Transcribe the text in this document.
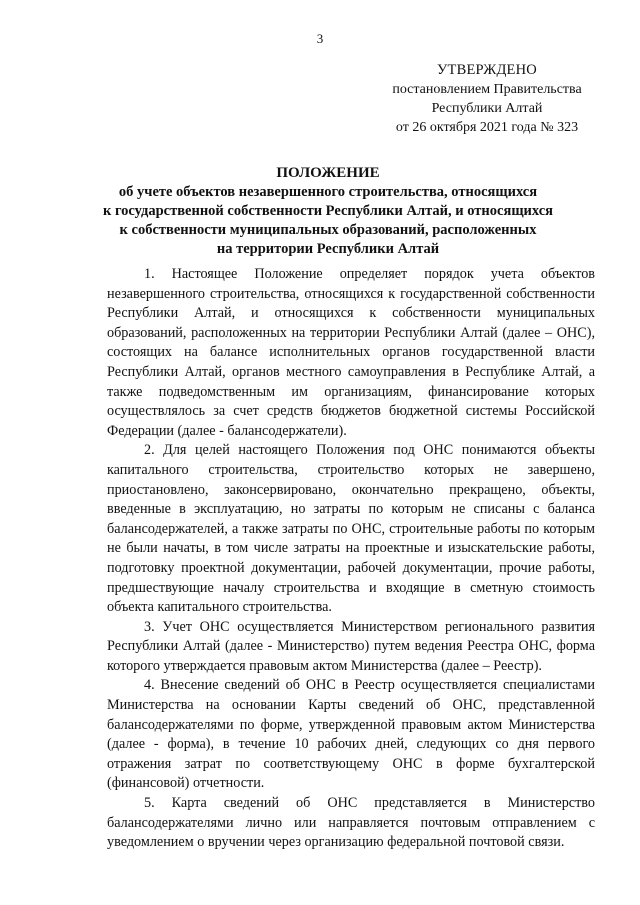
3
УТВЕРЖДЕНО
постановлением Правительства
Республики Алтай
от 26 октября 2021 года № 323
ПОЛОЖЕНИЕ
об учете объектов незавершенного строительства, относящихся
к государственной собственности Республики Алтай, и относящихся
к собственности муниципальных образований, расположенных
на территории Республики Алтай

1. Настоящее Положение определяет порядок учета объектов незавершенного строительства, относящихся к государственной собственности Республики Алтай, и относящихся к собственности муниципальных образований, расположенных на территории Республики Алтай (далее – ОНС), состоящих на балансе исполнительных органов государственной власти Республики Алтай, органов местного самоуправления в Республике Алтай, а также подведомственным им организациям, финансирование которых осуществлялось за счет средств бюджетов бюджетной системы Российской Федерации (далее - балансодержатели).

2. Для целей настоящего Положения под ОНС понимаются объекты капитального строительства, строительство которых не завершено, приостановлено, законсервировано, окончательно прекращено, объекты, введенные в эксплуатацию, но затраты по которым не списаны с баланса балансодержателей, а также затраты по ОНС, строительные работы по которым не были начаты, в том числе затраты на проектные и изыскательские работы, подготовку проектной документации, рабочей документации, прочие работы, предшествующие началу строительства и входящие в сметную стоимость объекта капитального строительства.

3. Учет ОНС осуществляется Министерством регионального развития Республики Алтай (далее - Министерство) путем ведения Реестра ОНС, форма которого утверждается правовым актом Министерства (далее – Реестр).

4. Внесение сведений об ОНС в Реестр осуществляется специалистами Министерства на основании Карты сведений об ОНС, представленной балансодержателями по форме, утвержденной правовым актом Министерства (далее - форма), в течение 10 рабочих дней, следующих со дня первого отражения затрат по соответствующему ОНС в форме бухгалтерской (финансовой) отчетности.

5. Карта сведений об ОНС представляется в Министерство балансодержателями лично или направляется почтовым отправлением с уведомлением о вручении через организацию федеральной почтовой связи.
